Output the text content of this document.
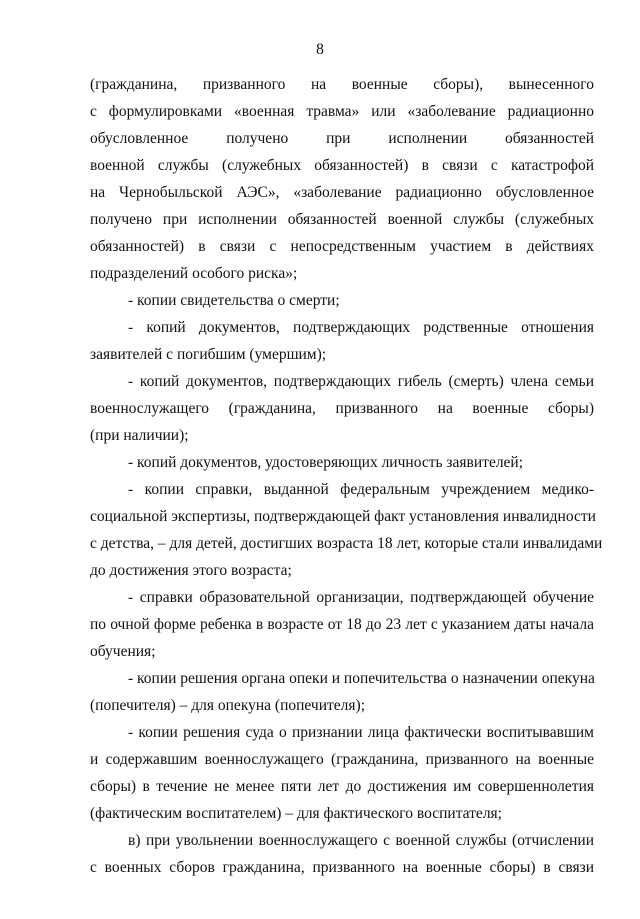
8

(гражданина, призванного на военные сборы), вынесенного
с формулировками «военная травма» или «заболевание радиационно
обусловленное получено при исполнении обязанностей
военной службы (служебных обязанностей) в связи с катастрофой
на Чернобыльской АЭС», «заболевание радиационно обусловленное
получено при исполнении обязанностей военной службы (служебных
обязанностей) в связи с непосредственным участием в действиях
подразделений особого риска»;

- копии свидетельства о смерти;

- копий документов, подтверждающих родственные отношения
заявителей с погибшим (умершим);

- копий документов, подтверждающих гибель (смерть) члена семьи
военнослужащего (гражданина, призванного на военные сборы)
(при наличии);

- копий документов, удостоверяющих личность заявителей;

- копии справки, выданной федеральным учреждением медико-
социальной экспертизы, подтверждающей факт установления инвалидности
с детства, – для детей, достигших возраста 18 лет, которые стали инвалидами
до достижения этого возраста;

- справки образовательной организации, подтверждающей обучение
по очной форме ребенка в возрасте от 18 до 23 лет с указанием даты начала
обучения;

- копии решения органа опеки и попечительства о назначении опекуна
(попечителя) – для опекуна (попечителя);

- копии решения суда о признании лица фактически воспитывавшим
и содержавшим военнослужащего (гражданина, призванного на военные
сборы) в течение не менее пяти лет до достижения им совершеннолетия
(фактическим воспитателем) – для фактического воспитателя;

в) при увольнении военнослужащего с военной службы (отчислении
с военных сборов гражданина, призванного на военные сборы) в связи
